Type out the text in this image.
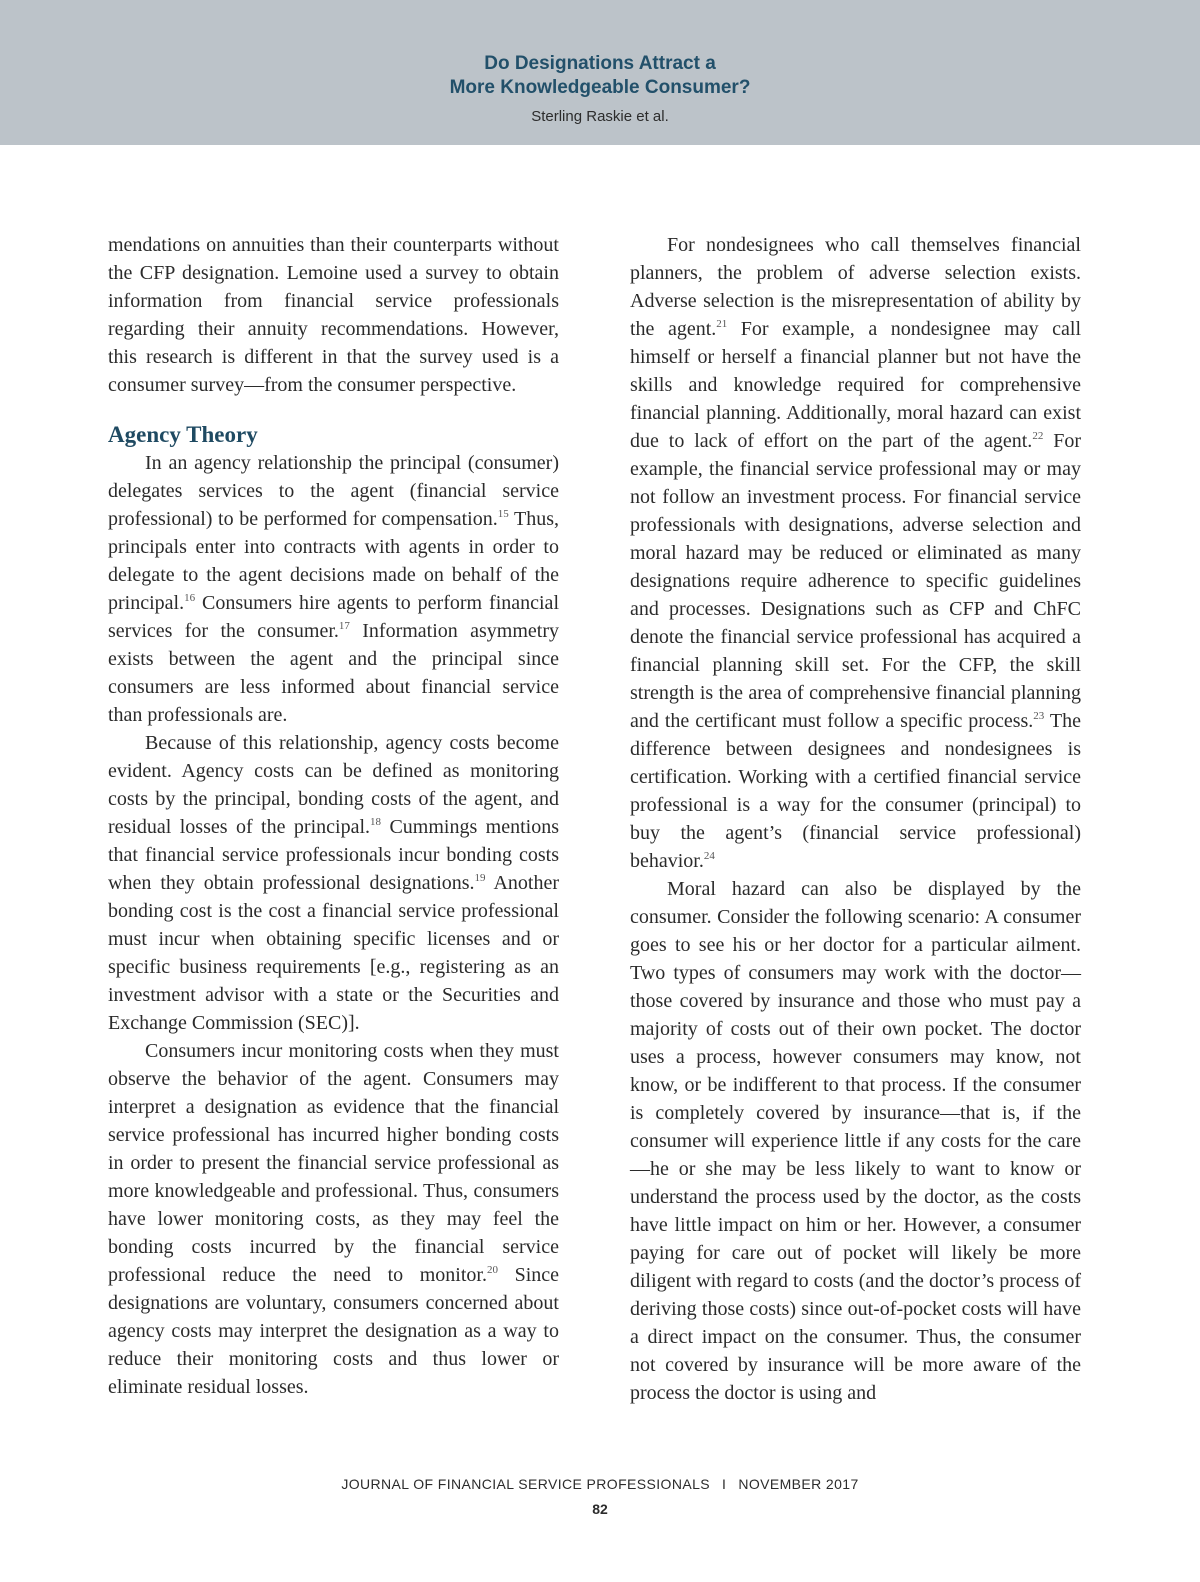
Do Designations Attract a
More Knowledgeable Consumer?
Sterling Raskie et al.

mendations on annuities than their counterparts without the CFP designation. Lemoine used a survey to obtain information from financial service professionals regarding their annuity recommendations. However, this research is different in that the survey used is a consumer survey—from the consumer perspective.

Agency Theory

In an agency relationship the principal (consumer) delegates services to the agent (financial service professional) to be performed for compensation.$^{15}$ Thus, principals enter into contracts with agents in order to delegate to the agent decisions made on behalf of the principal.$^{16}$ Consumers hire agents to perform financial services for the consumer.$^{17}$ Information asymmetry exists between the agent and the principal since consumers are less informed about financial service than professionals are.

Because of this relationship, agency costs become evident. Agency costs can be defined as monitoring costs by the principal, bonding costs of the agent, and residual losses of the principal.$^{18}$ Cummings mentions that financial service professionals incur bonding costs when they obtain professional designations.$^{19}$ Another bonding cost is the cost a financial service professional must incur when obtaining specific licenses and or specific business requirements [e.g., registering as an investment advisor with a state or the Securities and Exchange Commission (SEC)].

Consumers incur monitoring costs when they must observe the behavior of the agent. Consumers may interpret a designation as evidence that the financial service professional has incurred higher bonding costs in order to present the financial service professional as more knowledgeable and professional. Thus, consumers have lower monitoring costs, as they may feel the bonding costs incurred by the financial service professional reduce the need to monitor.$^{20}$ Since designations are voluntary, consumers concerned about agency costs may interpret the designation as a way to reduce their monitoring costs and thus lower or eliminate residual losses.

For nondesignees who call themselves financial planners, the problem of adverse selection exists. Adverse selection is the misrepresentation of ability by the agent.$^{21}$ For example, a nondesignee may call himself or herself a financial planner but not have the skills and knowledge required for comprehensive financial planning. Additionally, moral hazard can exist due to lack of effort on the part of the agent.$^{22}$ For example, the financial service professional may or may not follow an investment process. For financial service professionals with designations, adverse selection and moral hazard may be reduced or eliminated as many designations require adherence to specific guidelines and processes. Designations such as CFP and ChFC denote the financial service professional has acquired a financial planning skill set. For the CFP, the skill strength is the area of comprehensive financial planning and the certificant must follow a specific process.$^{23}$ The difference between designees and nondesignees is certification. Working with a certified financial service professional is a way for the consumer (principal) to buy the agent’s (financial service professional) behavior.$^{24}$

Moral hazard can also be displayed by the consumer. Consider the following scenario: A consumer goes to see his or her doctor for a particular ailment. Two types of consumers may work with the doctor—those covered by insurance and those who must pay a majority of costs out of their own pocket. The doctor uses a process, however consumers may know, not know, or be indifferent to that process. If the consumer is completely covered by insurance—that is, if the consumer will experience little if any costs for the care—he or she may be less likely to want to know or understand the process used by the doctor, as the costs have little impact on him or her. However, a consumer paying for care out of pocket will likely be more diligent with regard to costs (and the doctor’s process of deriving those costs) since out-of-pocket costs will have a direct impact on the consumer. Thus, the consumer not covered by insurance will be more aware of the process the doctor is using and

JOURNAL OF FINANCIAL SERVICE PROFESSIONALS I NOVEMBER 2017
82
